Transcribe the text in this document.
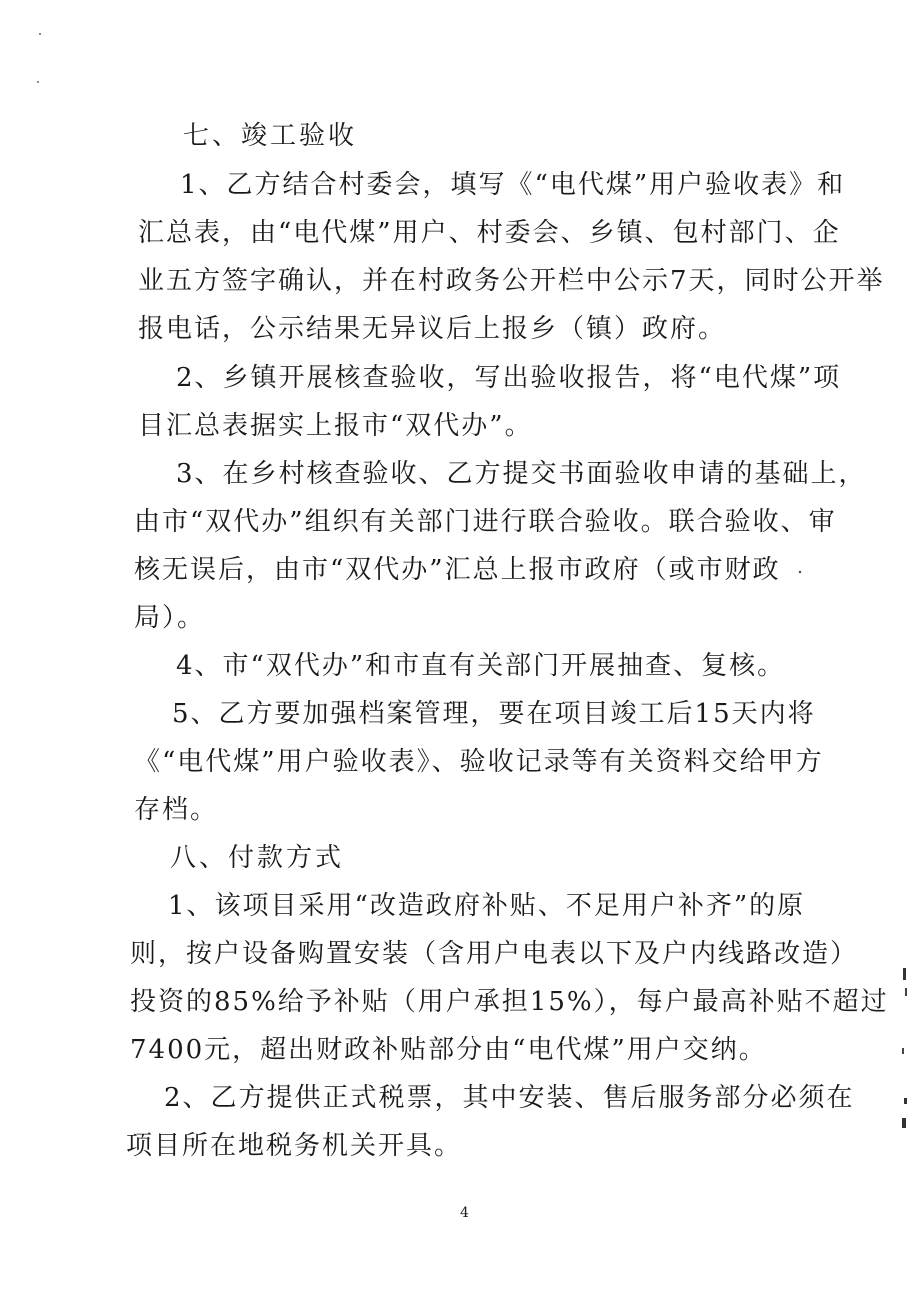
七、竣工验收
1、乙方结合村委会，填写《“电代煤”用户验收表》和
汇总表，由“电代煤”用户、村委会、乡镇、包村部门、企
业五方签字确认，并在村政务公开栏中公示7天，同时公开举
报电话，公示结果无异议后上报乡（镇）政府。
2、乡镇开展核查验收，写出验收报告，将“电代煤”项
目汇总表据实上报市“双代办”。
3、在乡村核查验收、乙方提交书面验收申请的基础上，
由市“双代办”组织有关部门进行联合验收。联合验收、审
核无误后，由市“双代办”汇总上报市政府（或市财政
局）。
4、市“双代办”和市直有关部门开展抽查、复核。
5、乙方要加强档案管理，要在项目竣工后15天内将
《“电代煤”用户验收表》、验收记录等有关资料交给甲方
存档。
八、付款方式
1、该项目采用“改造政府补贴、不足用户补齐”的原
则，按户设备购置安装（含用户电表以下及户内线路改造）
投资的85%给予补贴（用户承担15%），每户最高补贴不超过
7400元，超出财政补贴部分由“电代煤”用户交纳。
2、乙方提供正式税票，其中安装、售后服务部分必须在
项目所在地税务机关开具。
4
